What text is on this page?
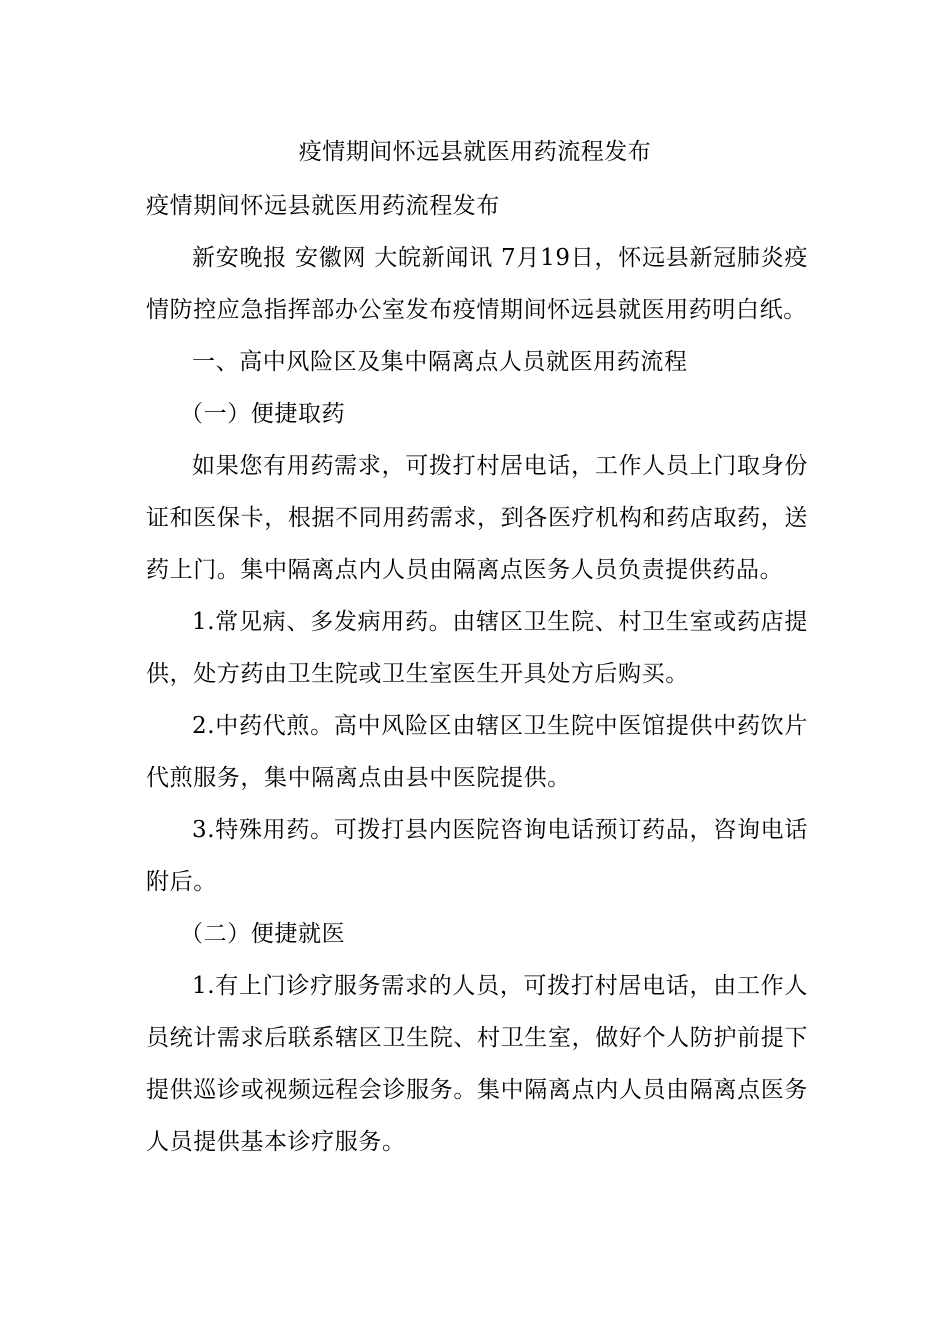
疫情期间怀远县就医用药流程发布

疫情期间怀远县就医用药流程发布

新安晚报 安徽网 大皖新闻讯 7月19日，怀远县新冠肺炎疫情防控应急指挥部办公室发布疫情期间怀远县就医用药明白纸。

一、高中风险区及集中隔离点人员就医用药流程

（一）便捷取药

如果您有用药需求，可拨打村居电话，工作人员上门取身份证和医保卡，根据不同用药需求，到各医疗机构和药店取药，送药上门。集中隔离点内人员由隔离点医务人员负责提供药品。

1.常见病、多发病用药。由辖区卫生院、村卫生室或药店提供，处方药由卫生院或卫生室医生开具处方后购买。

2.中药代煎。高中风险区由辖区卫生院中医馆提供中药饮片代煎服务，集中隔离点由县中医院提供。

3.特殊用药。可拨打县内医院咨询电话预订药品，咨询电话附后。

（二）便捷就医

1.有上门诊疗服务需求的人员，可拨打村居电话，由工作人员统计需求后联系辖区卫生院、村卫生室，做好个人防护前提下提供巡诊或视频远程会诊服务。集中隔离点内人员由隔离点医务人员提供基本诊疗服务。
